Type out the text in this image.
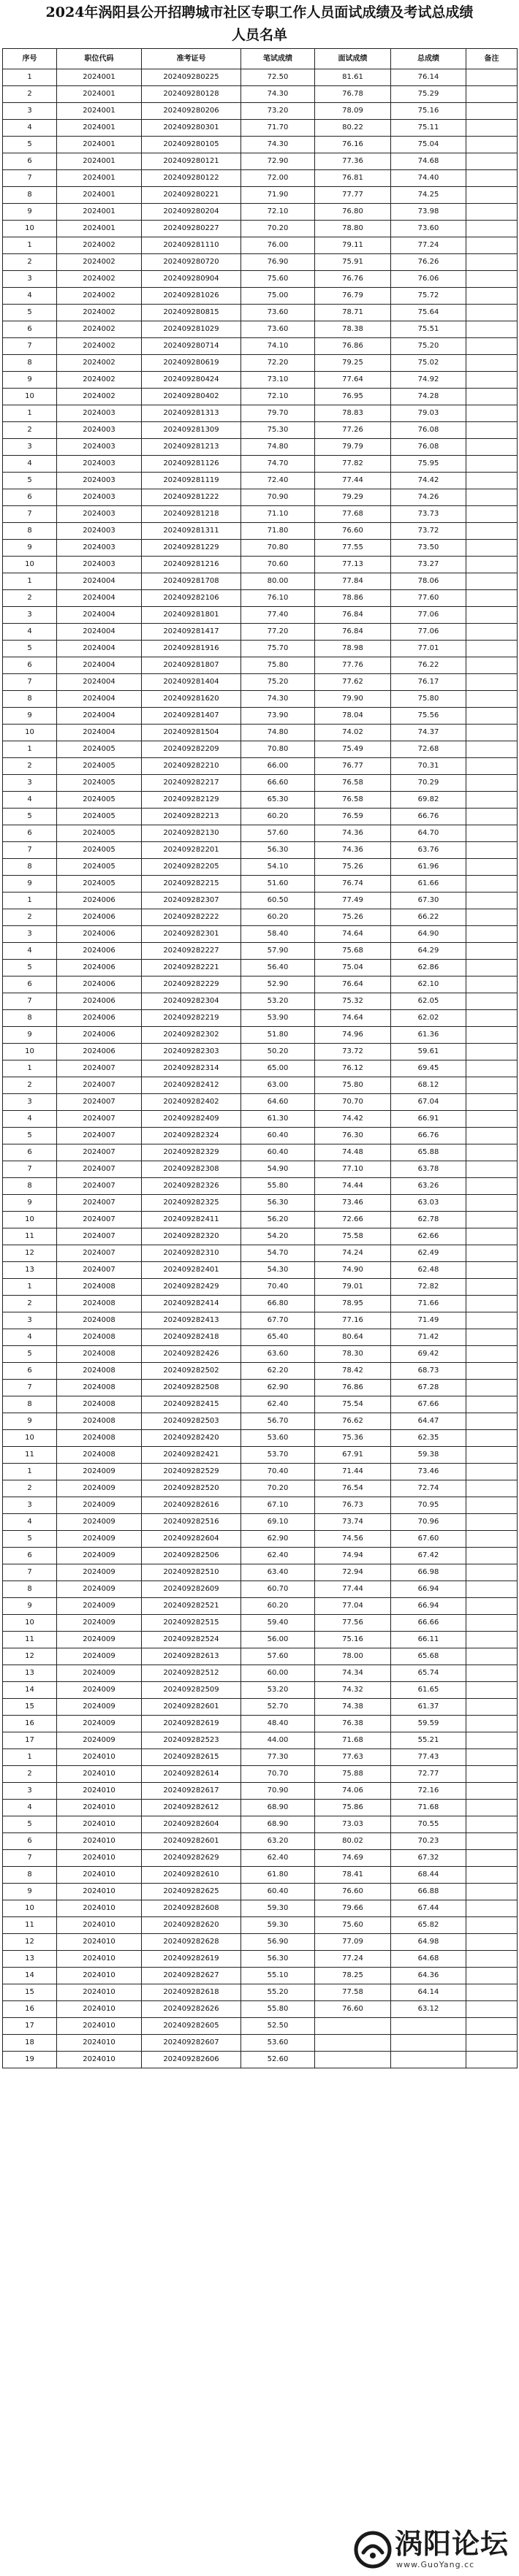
2024年涡阳县公开招聘城市社区专职工作人员面试成绩及考试总成绩
人员名单
序号	职位代码	准考证号	笔试成绩	面试成绩	总成绩	备注
1	2024001	202409280225	72.50	81.61	76.14	
2	2024001	202409280128	74.30	76.78	75.29	
3	2024001	202409280206	73.20	78.09	75.16	
4	2024001	202409280301	71.70	80.22	75.11	
5	2024001	202409280105	74.30	76.16	75.04	
6	2024001	202409280121	72.90	77.36	74.68	
7	2024001	202409280122	72.00	76.81	74.40	
8	2024001	202409280221	71.90	77.77	74.25	
9	2024001	202409280204	72.10	76.80	73.98	
10	2024001	202409280227	70.20	78.80	73.60	
1	2024002	202409281110	76.00	79.11	77.24	
2	2024002	202409280720	76.90	75.91	76.26	
3	2024002	202409280904	75.60	76.76	76.06	
4	2024002	202409281026	75.00	76.79	75.72	
5	2024002	202409280815	73.60	78.71	75.64	
6	2024002	202409281029	73.60	78.38	75.51	
7	2024002	202409280714	74.10	76.86	75.20	
8	2024002	202409280619	72.20	79.25	75.02	
9	2024002	202409280424	73.10	77.64	74.92	
10	2024002	202409280402	72.10	76.95	74.28	
1	2024003	202409281313	79.70	78.83	79.03	
2	2024003	202409281309	75.30	77.26	76.08	
3	2024003	202409281213	74.80	79.79	76.08	
4	2024003	202409281126	74.70	77.82	75.95	
5	2024003	202409281119	72.40	77.44	74.42	
6	2024003	202409281222	70.90	79.29	74.26	
7	2024003	202409281218	71.10	77.68	73.73	
8	2024003	202409281311	71.80	76.60	73.72	
9	2024003	202409281229	70.80	77.55	73.50	
10	2024003	202409281216	70.60	77.13	73.27	
1	2024004	202409281708	80.00	77.84	78.06	
2	2024004	202409282106	76.10	78.86	77.60	
3	2024004	202409281801	77.40	76.84	77.06	
4	2024004	202409281417	77.20	76.84	77.06	
5	2024004	202409281916	75.70	78.98	77.01	
6	2024004	202409281807	75.80	77.76	76.22	
7	2024004	202409281404	75.20	77.62	76.17	
8	2024004	202409281620	74.30	79.90	75.80	
9	2024004	202409281407	73.90	78.04	75.56	
10	2024004	202409281504	74.80	74.02	74.37	
1	2024005	202409282209	70.80	75.49	72.68	
2	2024005	202409282210	66.00	76.77	70.31	
3	2024005	202409282217	66.60	76.58	70.29	
4	2024005	202409282129	65.30	76.58	69.82	
5	2024005	202409282213	60.20	76.59	66.76	
6	2024005	202409282130	57.60	74.36	64.70	
7	2024005	202409282201	56.30	74.36	63.76	
8	2024005	202409282205	54.10	75.26	61.96	
9	2024005	202409282215	51.60	76.74	61.66	
1	2024006	202409282307	60.50	77.49	67.30	
2	2024006	202409282222	60.20	75.26	66.22	
3	2024006	202409282301	58.40	74.64	64.90	
4	2024006	202409282227	57.90	75.68	64.29	
5	2024006	202409282221	56.40	75.04	62.86	
6	2024006	202409282229	52.90	76.64	62.10	
7	2024006	202409282304	53.20	75.32	62.05	
8	2024006	202409282219	53.90	74.64	62.02	
9	2024006	202409282302	51.80	74.96	61.36	
10	2024006	202409282303	50.20	73.72	59.61	
1	2024007	202409282314	65.00	76.12	69.45	
2	2024007	202409282412	63.00	75.80	68.12	
3	2024007	202409282402	64.60	70.70	67.04	
4	2024007	202409282409	61.30	74.42	66.91	
5	2024007	202409282324	60.40	76.30	66.76	
6	2024007	202409282329	60.40	74.48	65.88	
7	2024007	202409282308	54.90	77.10	63.78	
8	2024007	202409282326	55.80	74.44	63.26	
9	2024007	202409282325	56.30	73.46	63.03	
10	2024007	202409282411	56.20	72.66	62.78	
11	2024007	202409282320	54.20	75.58	62.66	
12	2024007	202409282310	54.70	74.24	62.49	
13	2024007	202409282401	54.30	74.90	62.48	
1	2024008	202409282429	70.40	79.01	72.82	
2	2024008	202409282414	66.80	78.95	71.66	
3	2024008	202409282413	67.70	77.16	71.49	
4	2024008	202409282418	65.40	80.64	71.42	
5	2024008	202409282426	63.60	78.30	69.42	
6	2024008	202409282502	62.20	78.42	68.73	
7	2024008	202409282508	62.90	76.86	67.28	
8	2024008	202409282415	62.40	75.54	67.66	
9	2024008	202409282503	56.70	76.62	64.47	
10	2024008	202409282420	53.60	75.36	62.35	
11	2024008	202409282421	53.70	67.91	59.38	
1	2024009	202409282529	70.40	71.44	73.46	
2	2024009	202409282520	70.20	76.54	72.74	
3	2024009	202409282616	67.10	76.73	70.95	
4	2024009	202409282516	69.10	73.74	70.96	
5	2024009	202409282604	62.90	74.56	67.60	
6	2024009	202409282506	62.40	74.94	67.42	
7	2024009	202409282510	63.40	72.94	66.98	
8	2024009	202409282609	60.70	77.44	66.94	
9	2024009	202409282521	60.20	77.04	66.94	
10	2024009	202409282515	59.40	77.56	66.66	
11	2024009	202409282524	56.00	75.16	66.11	
12	2024009	202409282613	57.60	78.00	65.68	
13	2024009	202409282512	60.00	74.34	65.74	
14	2024009	202409282509	53.20	74.32	61.65	
15	2024009	202409282601	52.70	74.38	61.37	
16	2024009	202409282619	48.40	76.38	59.59	
17	2024009	202409282523	44.00	71.68	55.21	
1	2024010	202409282615	77.30	77.63	77.43	
2	2024010	202409282614	70.70	75.88	72.77	
3	2024010	202409282617	70.90	74.06	72.16	
4	2024010	202409282612	68.90	75.86	71.68	
5	2024010	202409282604	68.90	73.03	70.55	
6	2024010	202409282601	63.20	80.02	70.23	
7	2024010	202409282629	62.40	74.69	67.32	
8	2024010	202409282610	61.80	78.41	68.44	
9	2024010	202409282625	60.40	76.60	66.88	
10	2024010	202409282608	59.30	79.66	67.44	
11	2024010	202409282620	59.30	75.60	65.82	
12	2024010	202409282628	56.90	77.09	64.98	
13	2024010	202409282619	56.30	77.24	64.68	
14	2024010	202409282627	55.10	78.25	64.36	
15	2024010	202409282618	55.20	77.58	64.14	
16	2024010	202409282626	55.80	76.60	63.12	
17	2024010	202409282605	52.50			
18	2024010	202409282607	53.60			
19	2024010	202409282606	52.60			
涡阳论坛
www.GuoYang.cc
